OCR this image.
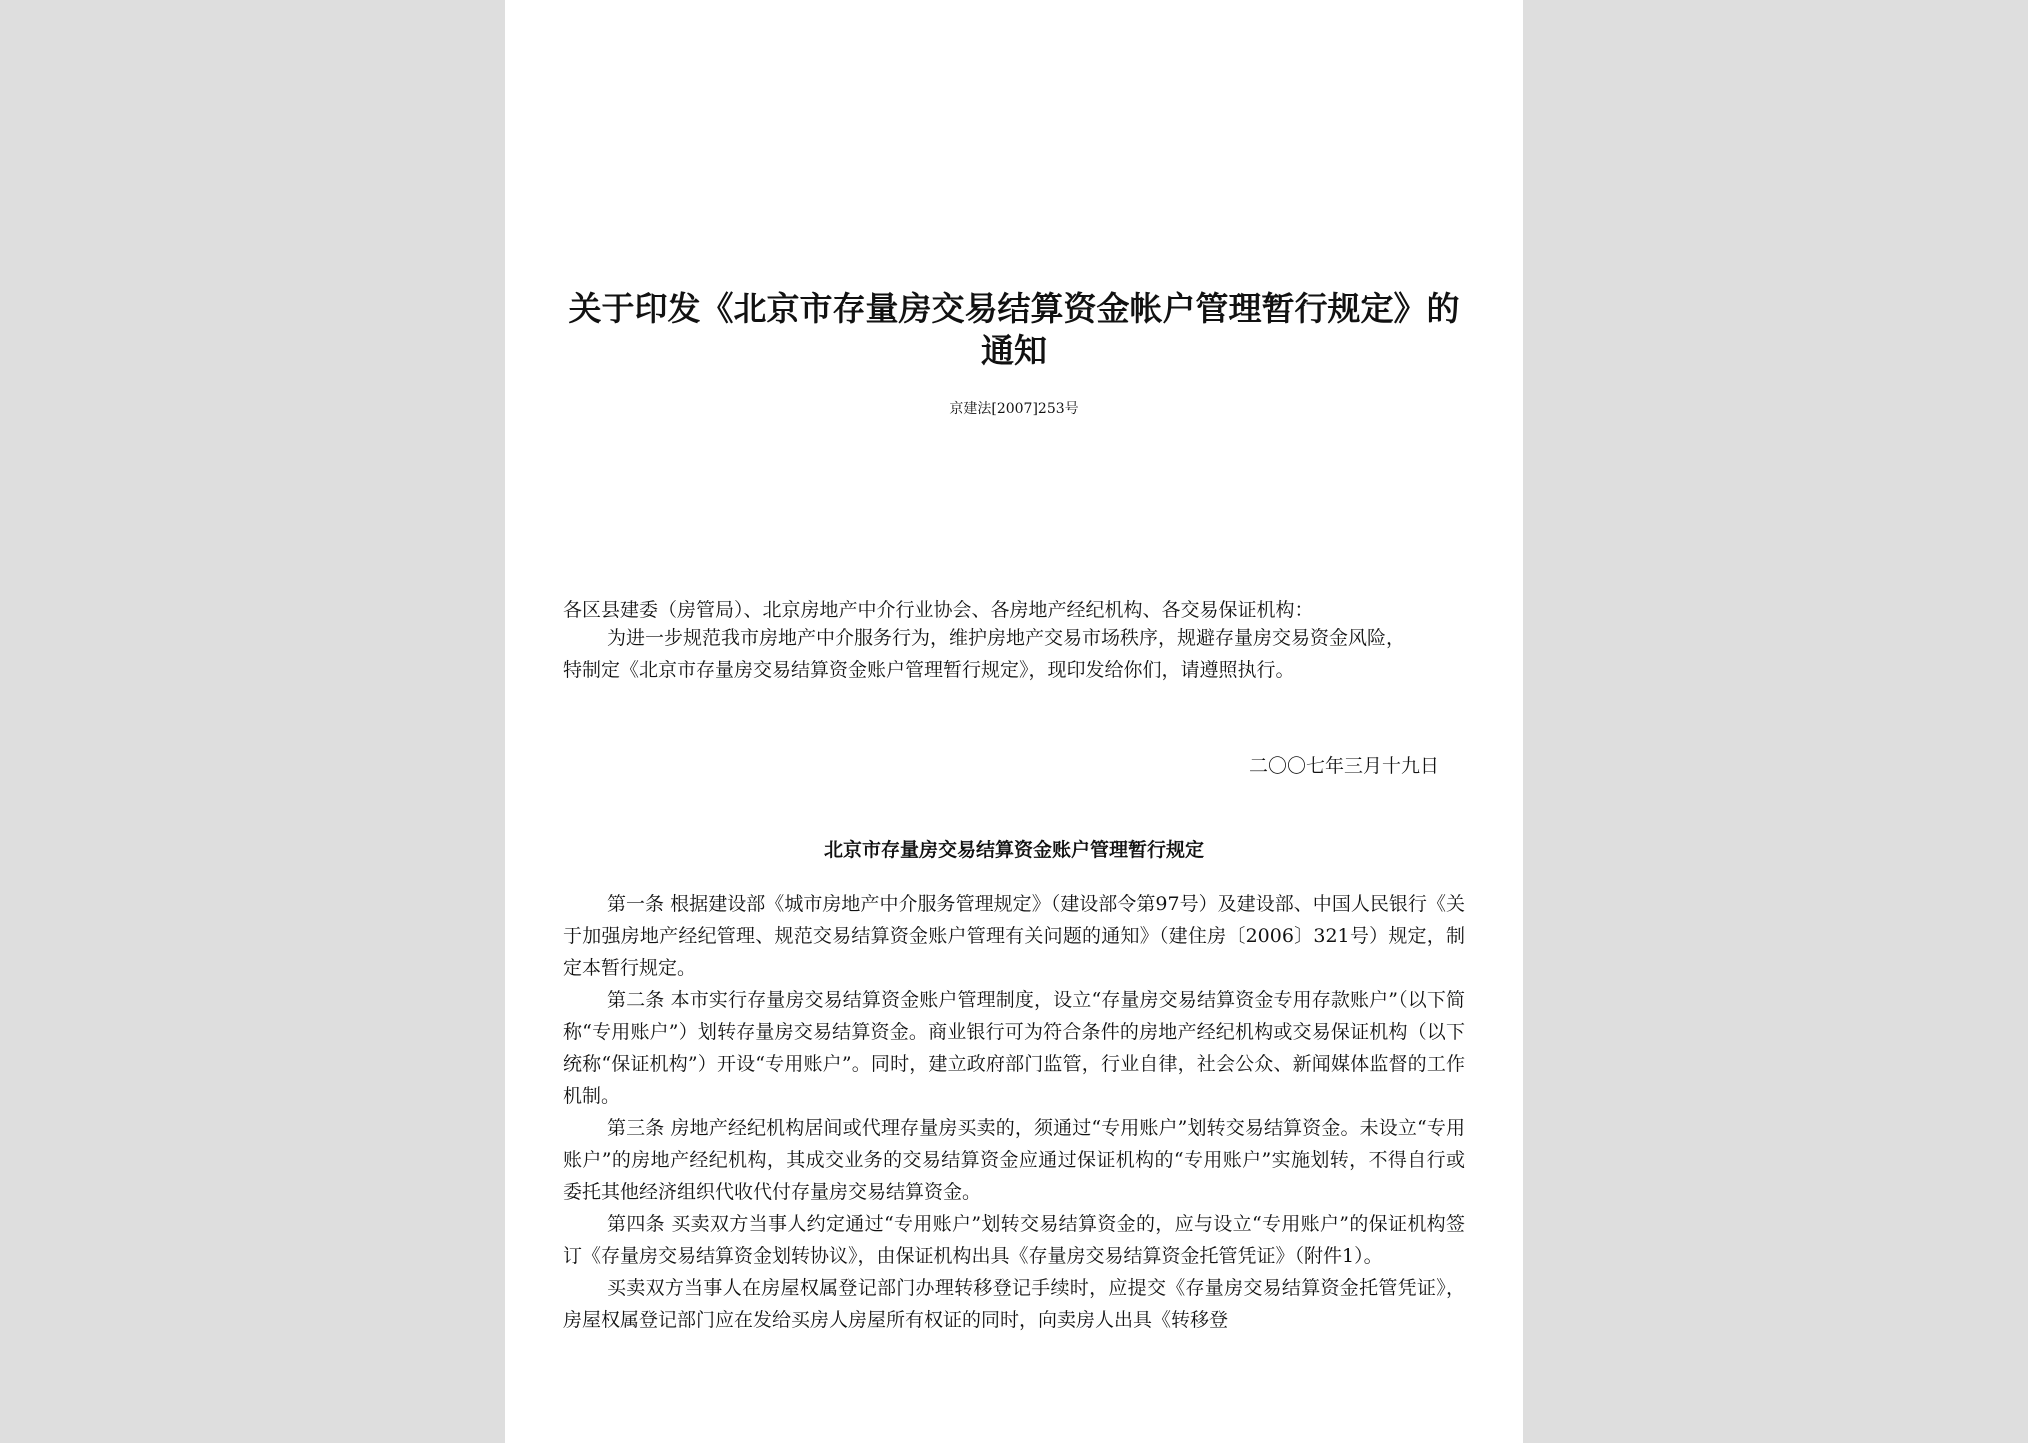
关于印发《北京市存量房交易结算资金帐户管理暂行规定》的通知

京建法[2007]253号

各区县建委（房管局）、北京房地产中介行业协会、各房地产经纪机构、各交易保证机构：

为进一步规范我市房地产中介服务行为，维护房地产交易市场秩序，规避存量房交易资金风险，特制定《北京市存量房交易结算资金账户管理暂行规定》，现印发给你们，请遵照执行。

二〇〇七年三月十九日

北京市存量房交易结算资金账户管理暂行规定

第一条 根据建设部《城市房地产中介服务管理规定》（建设部令第97号）及建设部、中国人民银行《关于加强房地产经纪管理、规范交易结算资金账户管理有关问题的通知》（建住房〔2006〕321号）规定，制定本暂行规定。

第二条 本市实行存量房交易结算资金账户管理制度，设立“存量房交易结算资金专用存款账户”（以下简称“专用账户”）划转存量房交易结算资金。商业银行可为符合条件的房地产经纪机构或交易保证机构（以下统称“保证机构”）开设“专用账户”。同时，建立政府部门监管，行业自律，社会公众、新闻媒体监督的工作机制。

第三条 房地产经纪机构居间或代理存量房买卖的，须通过“专用账户”划转交易结算资金。未设立“专用账户”的房地产经纪机构，其成交业务的交易结算资金应通过保证机构的“专用账户”实施划转，不得自行或委托其他经济组织代收代付存量房交易结算资金。

第四条 买卖双方当事人约定通过“专用账户”划转交易结算资金的，应与设立“专用账户”的保证机构签订《存量房交易结算资金划转协议》，由保证机构出具《存量房交易结算资金托管凭证》（附件1）。

买卖双方当事人在房屋权属登记部门办理转移登记手续时，应提交《存量房交易结算资金托管凭证》，房屋权属登记部门应在发给买房人房屋所有权证的同时，向卖房人出具《转移登
